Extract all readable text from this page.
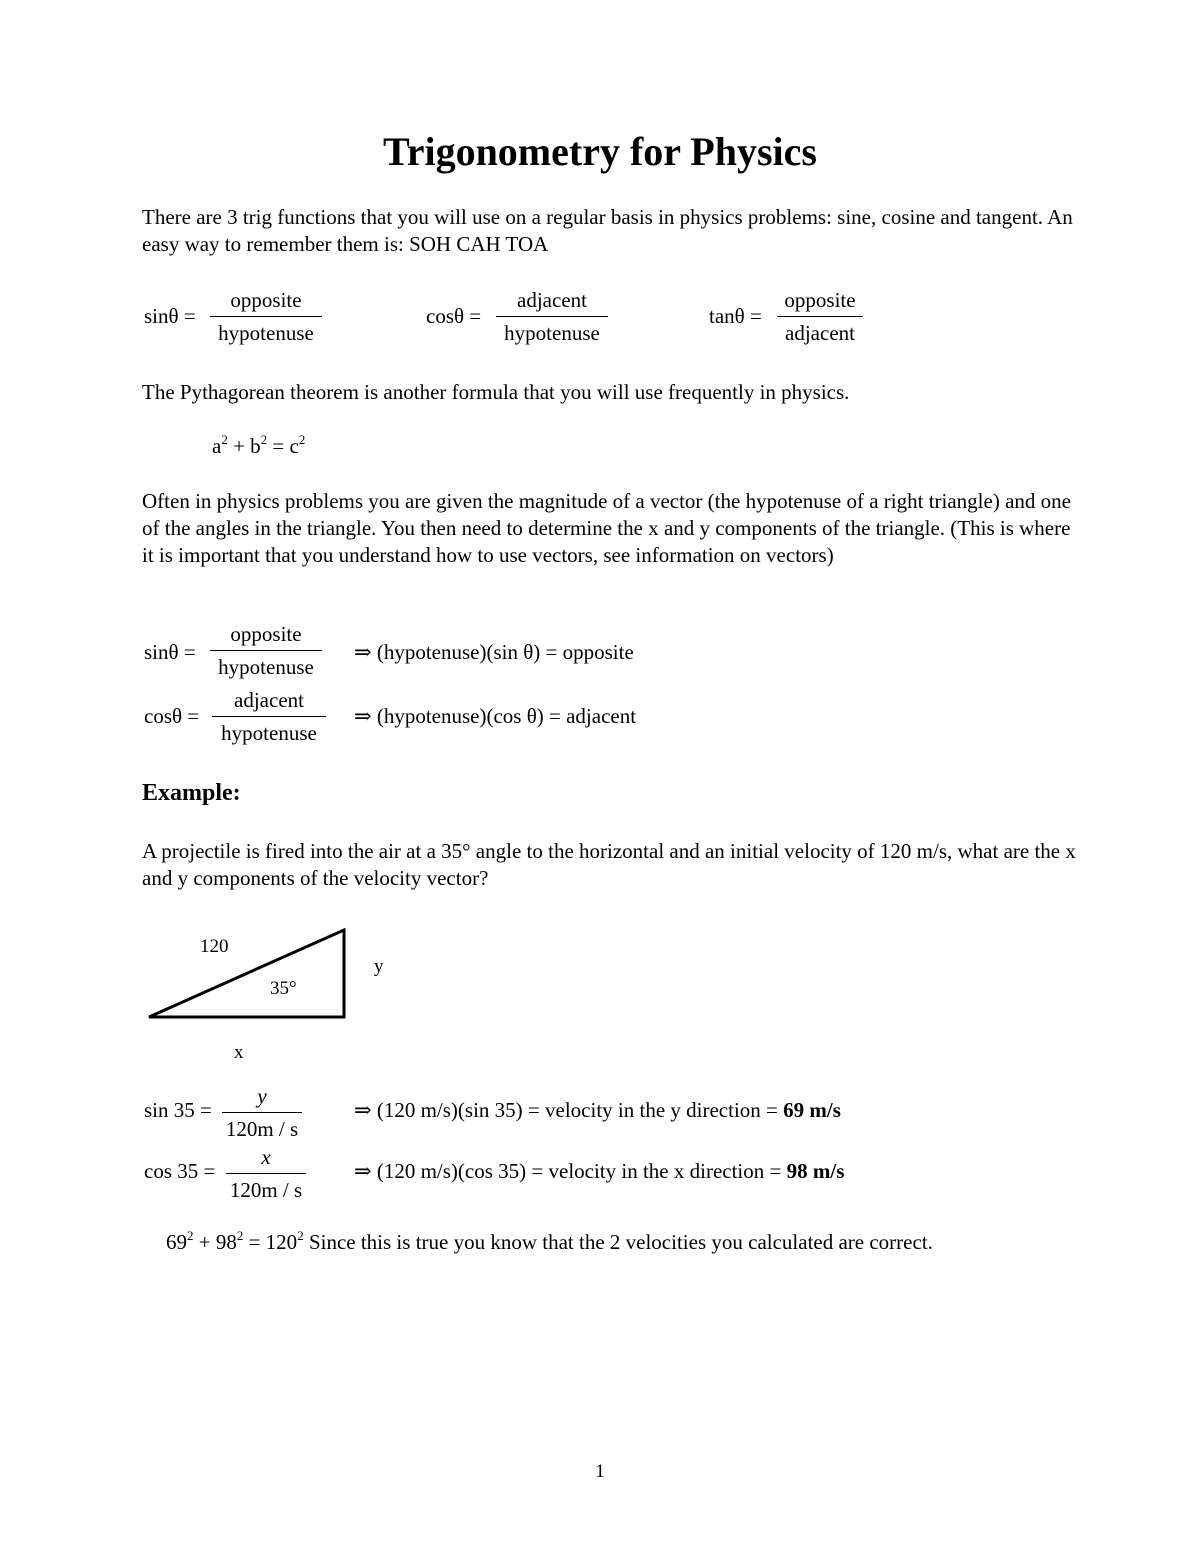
Trigonometry for Physics
There are 3 trig functions that you will use on a regular basis in physics problems: sine, cosine and tangent. An easy way to remember them is: SOH CAH TOA
sinθ =
opposite
hypotenuse
cosθ =
adjacent
hypotenuse
tanθ =
opposite
adjacent
The Pythagorean theorem is another formula that you will use frequently in physics.
$a^2 + b^2 = c^2$
Often in physics problems you are given the magnitude of a vector (the hypotenuse of a right triangle) and one of the angles in the triangle. You then need to determine the x and y components of the triangle. (This is where it is important that you understand how to use vectors, see information on vectors)
sinθ =
opposite
hypotenuse
⇒ (hypotenuse)(sin θ) = opposite
cosθ =
adjacent
hypotenuse
⇒ (hypotenuse)(cos θ) = adjacent
Example:
A projectile is fired into the air at a 35° angle to the horizontal and an initial velocity of 120 m/s, what are the x and y components of the velocity vector?
120
35°
y
x
$\sin 35 = \frac{y}{120m / s}$ ⇒ (120 m/s)(sin 35) = velocity in the y direction = 69 m/s
$\cos 35 = \frac{x}{120m / s}$ ⇒ (120 m/s)(cos 35) = velocity in the x direction = 98 m/s
$69^2 + 98^2 = 120^2$ Since this is true you know that the 2 velocities you calculated are correct.
1
